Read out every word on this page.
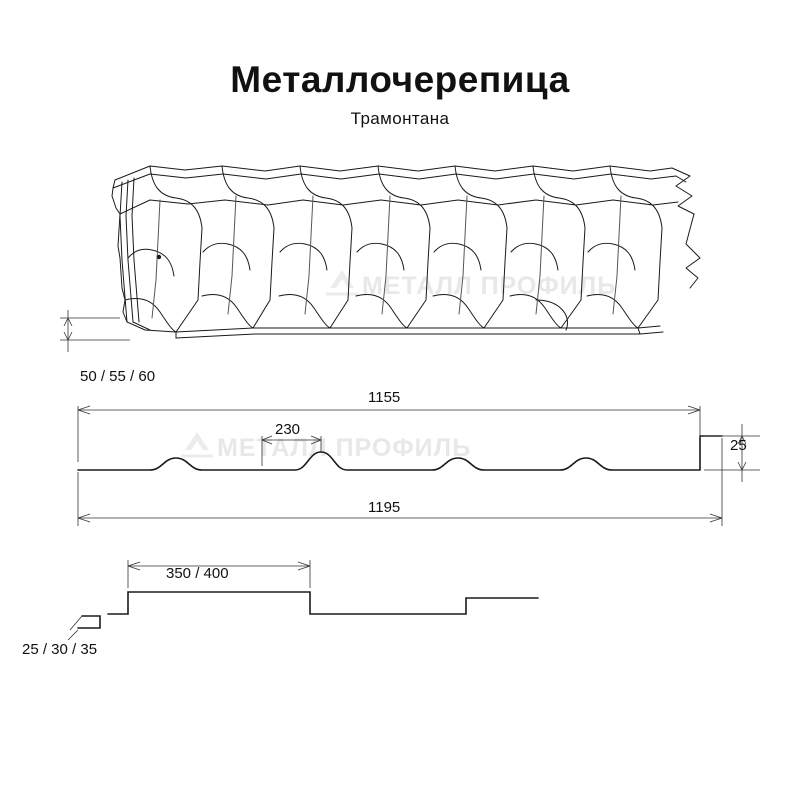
Металлочерепица
Трамонтана
МЕТАЛЛ ПРОФИЛЬ
МЕТАЛЛ ПРОФИЛЬ
50 / 55 / 60
1155
230
1195
25
350 / 400
25 / 30 / 35
